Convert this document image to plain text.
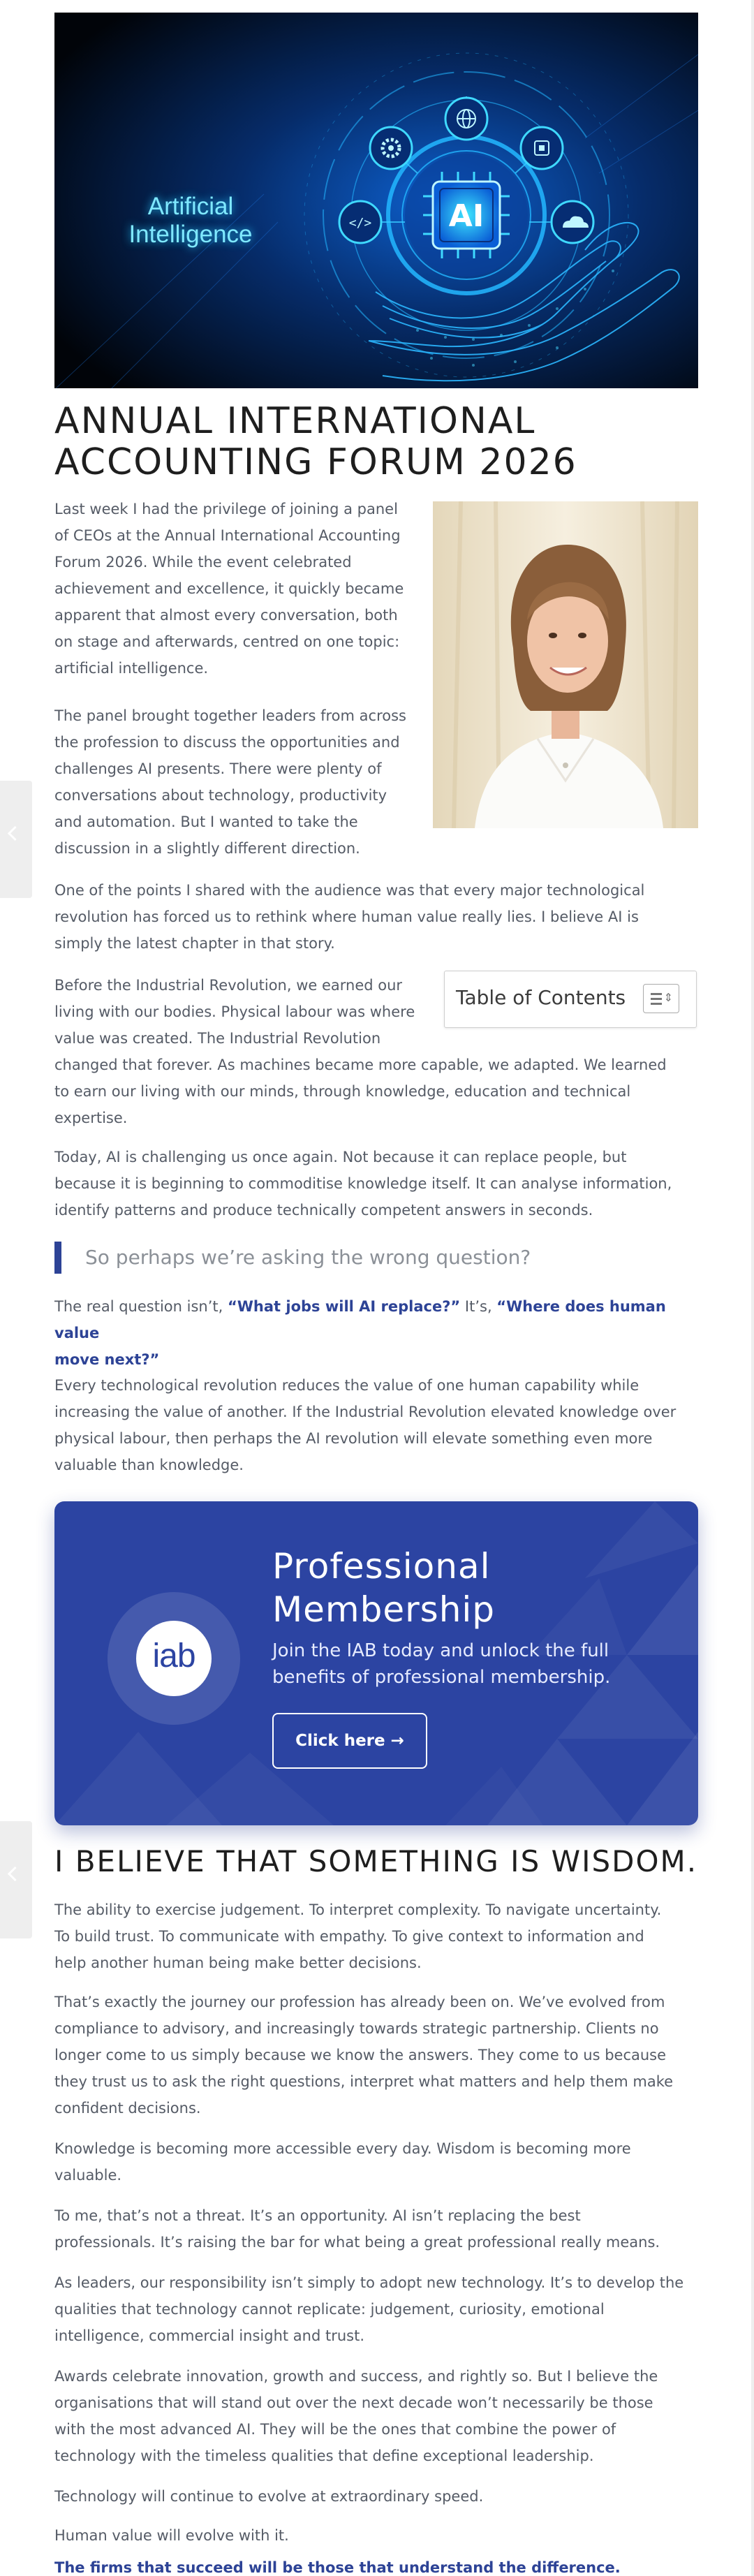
AI
</>
Artificial
Intelligence
ANNUAL INTERNATIONAL
ACCOUNTING FORUM 2026

Last week I had the privilege of joining a panel
of CEOs at the Annual International Accounting
Forum 2026. While the event celebrated
achievement and excellence, it quickly became
apparent that almost every conversation, both
on stage and afterwards, centred on one topic:
artificial intelligence.

The panel brought together leaders from across
the profession to discuss the opportunities and
challenges AI presents. There were plenty of
conversations about technology, productivity
and automation. But I wanted to take the
discussion in a slightly different direction.

One of the points I shared with the audience was that every major technological
revolution has forced us to rethink where human value really lies. I believe AI is
simply the latest chapter in that story.

Table of Contents	⇕

Before the Industrial Revolution, we earned our
living with our bodies. Physical labour was where
value was created. The Industrial Revolution
changed that forever. As machines became more capable, we adapted. We learned
to earn our living with our minds, through knowledge, education and technical
expertise.

Today, AI is challenging us once again. Not because it can replace people, but
because it is beginning to commoditise knowledge itself. It can analyse information,
identify patterns and produce technically competent answers in seconds.

So perhaps we’re asking the wrong question?

The real question isn’t, “What jobs will AI replace?” It’s, “Where does human value
move next?”

Every technological revolution reduces the value of one human capability while
increasing the value of another. If the Industrial Revolution elevated knowledge over
physical labour, then perhaps the AI revolution will elevate something even more
valuable than knowledge.

iab
Professional
Membership
Join the IAB today and unlock the full
benefits of professional membership.
Click here →
I BELIEVE THAT SOMETHING IS WISDOM.

The ability to exercise judgement. To interpret complexity. To navigate uncertainty.
To build trust. To communicate with empathy. To give context to information and
help another human being make better decisions.

That’s exactly the journey our profession has already been on. We’ve evolved from
compliance to advisory, and increasingly towards strategic partnership. Clients no
longer come to us simply because we know the answers. They come to us because
they trust us to ask the right questions, interpret what matters and help them make
confident decisions.

Knowledge is becoming more accessible every day. Wisdom is becoming more
valuable.

To me, that’s not a threat. It’s an opportunity. AI isn’t replacing the best
professionals. It’s raising the bar for what being a great professional really means.

As leaders, our responsibility isn’t simply to adopt new technology. It’s to develop the
qualities that technology cannot replicate: judgement, curiosity, emotional
intelligence, commercial insight and trust.

Awards celebrate innovation, growth and success, and rightly so. But I believe the
organisations that will stand out over the next decade won’t necessarily be those
with the most advanced AI. They will be the ones that combine the power of
technology with the timeless qualities that define exceptional leadership.

Technology will continue to evolve at extraordinary speed.

Human value will evolve with it.

The firms that succeed will be those that understand the difference.
